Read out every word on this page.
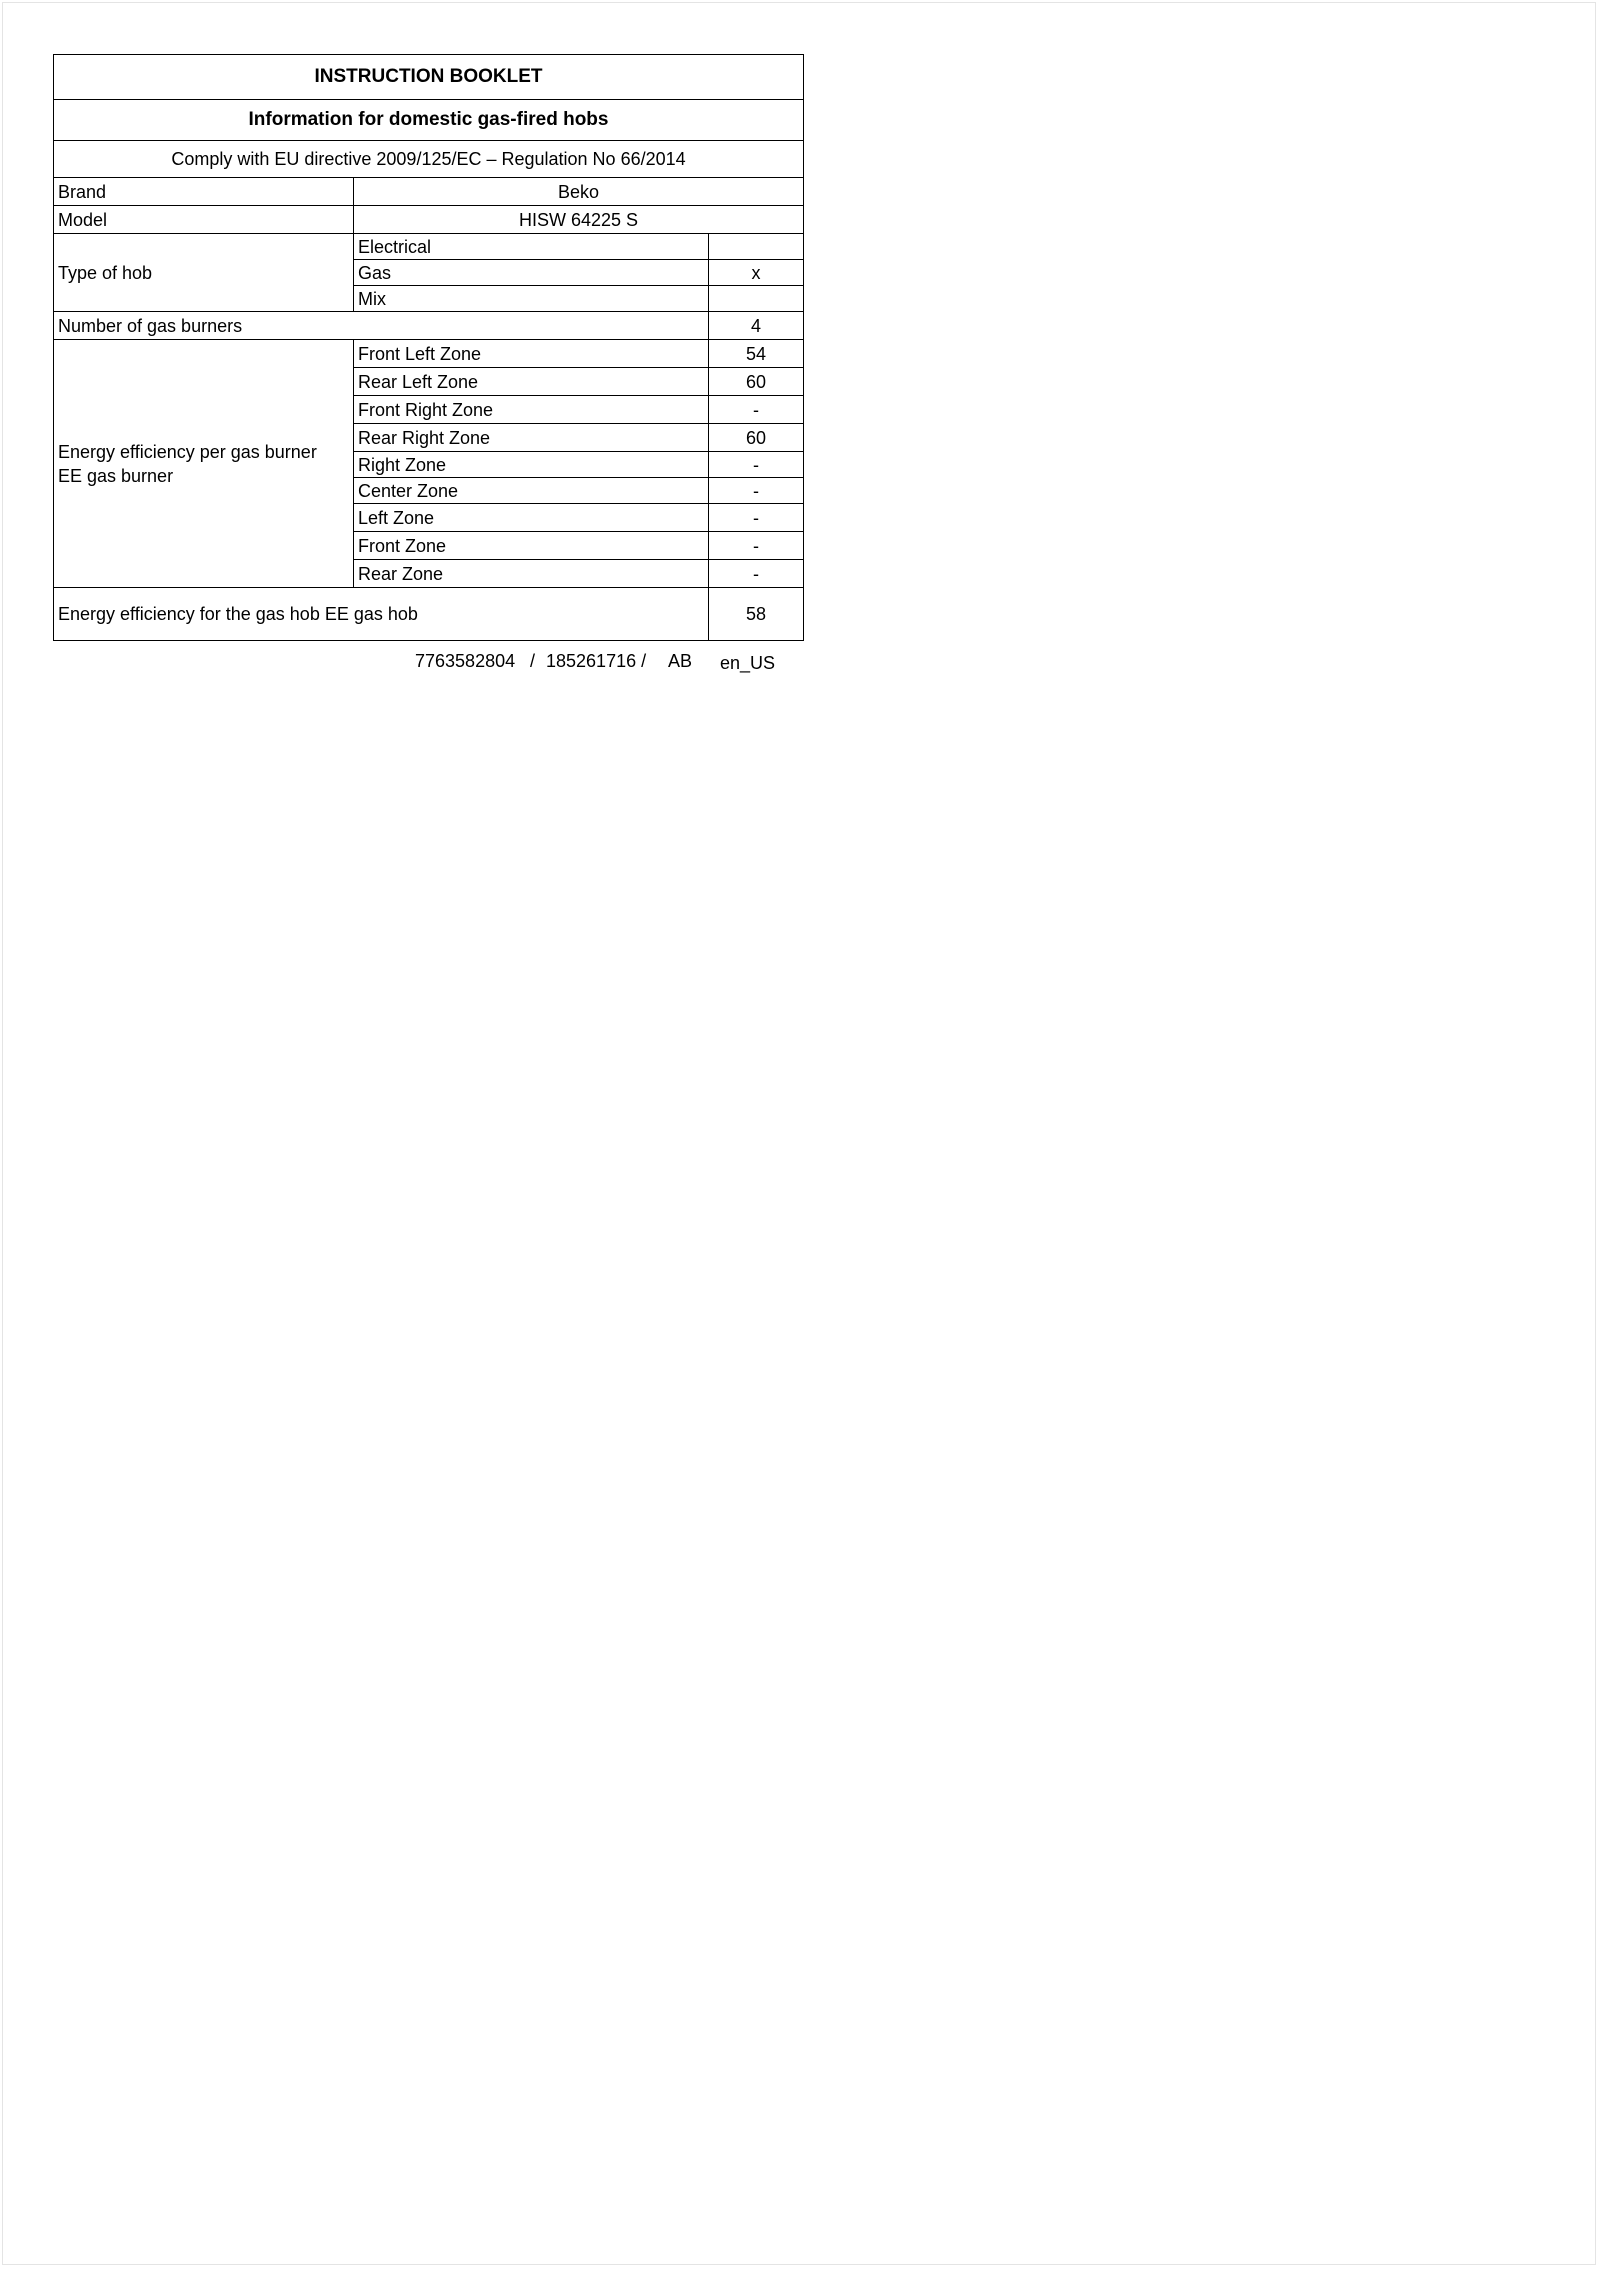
INSTRUCTION BOOKLET		
Information for domestic gas-fired hobs		
Comply with EU directive 2009/125/EC – Regulation No 66/2014		
Brand	Beko	
Model	HISW 64225 S	
Type of hob	Electrical	
	Gas	x
	Mix	
Number of gas burners		4

Energy efficiency per gas burner
EE gas burner	Front Left Zone	54
	Rear Left Zone	60
	Front Right Zone	-
	Rear Right Zone	60
	Right Zone	-
	Center Zone	-
	Left Zone	-
	Front Zone	-
	Rear Zone	-
Energy efficiency for the gas hob EE gas hob		58
7763582804 / 185261716 / AB en_US
